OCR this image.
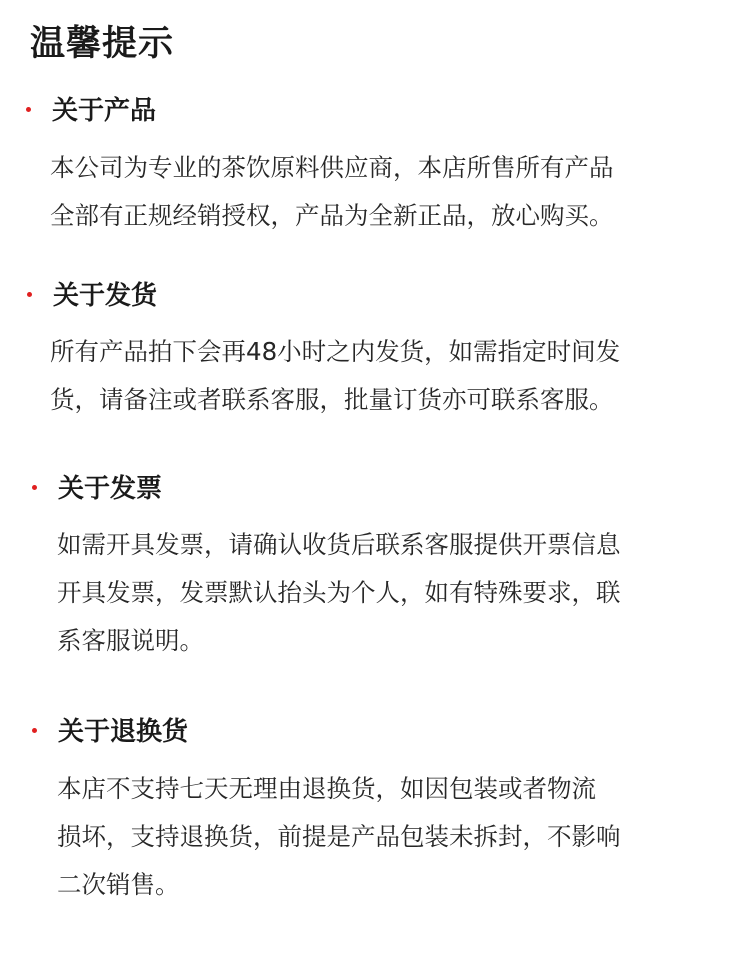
温馨提示
关于产品

本公司为专业的茶饮原料供应商，本店所售所有产品
全部有正规经销授权，产品为全新正品，放心购买。

关于发货

所有产品拍下会再48小时之内发货，如需指定时间发
货，请备注或者联系客服，批量订货亦可联系客服。

关于发票

如需开具发票，请确认收货后联系客服提供开票信息
开具发票，发票默认抬头为个人，如有特殊要求，联
系客服说明。

关于退换货

本店不支持七天无理由退换货，如因包装或者物流
损坏，支持退换货，前提是产品包装未拆封，不影响
二次销售。
